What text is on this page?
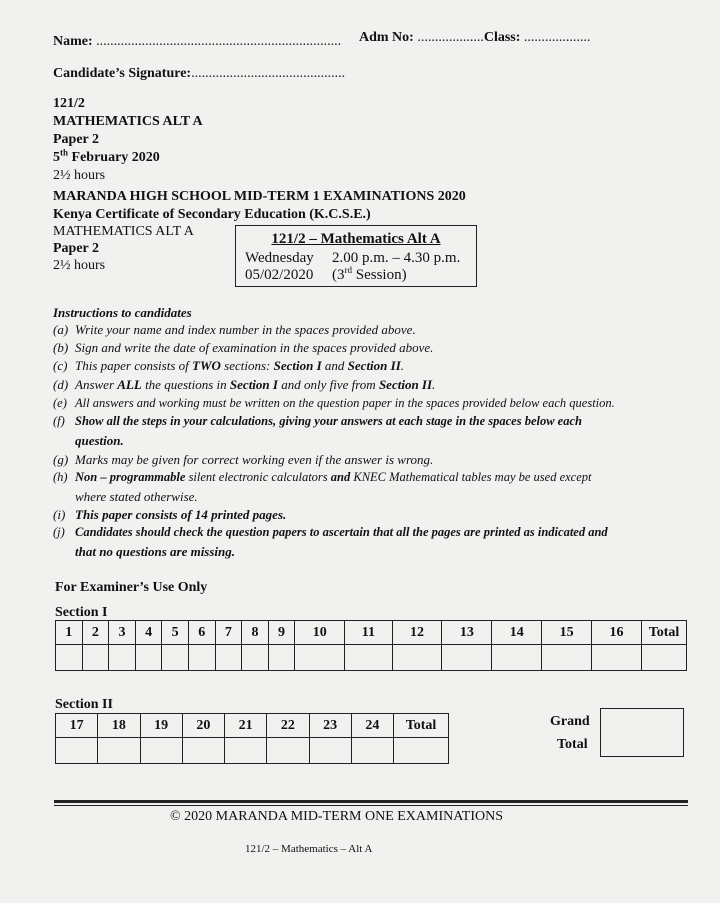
Name: ...................................................................... Adm No: ...................Class: ...................
Candidate’s Signature:............................................
121/2
MATHEMATICS ALT A
Paper 2
5th February 2020
2½ hours
MARANDA HIGH SCHOOL MID-TERM 1 EXAMINATIONS 2020
Kenya Certificate of Secondary Education (K.C.S.E.)
MATHEMATICS ALT A
Paper 2
2½ hours
121/2 – Mathematics Alt A
Wednesday 2.00 p.m. – 4.30 p.m.
05/02/2020 (3rd Session)
Instructions to candidates
(a) Write your name and index number in the spaces provided above.
(b) Sign and write the date of examination in the spaces provided above.
(c) This paper consists of TWO sections: Section I and Section II.
(d) Answer ALL the questions in Section I and only five from Section II.
(e) All answers and working must be written on the question paper in the spaces provided below each question.
(f) Show all the steps in your calculations, giving your answers at each stage in the spaces below each
question.
(g) Marks may be given for correct working even if the answer is wrong.
(h) Non – programmable silent electronic calculators and KNEC Mathematical tables may be used except
where stated otherwise.
(i) This paper consists of 14 printed pages.
(j) Candidates should check the question papers to ascertain that all the pages are printed as indicated and
that no questions are missing.
For Examiner’s Use Only
Section I
1	2	3	4	5	6	7	8	9	10	11	12	13	14	15	16	Total

Section II
17	18	19	20	21	22	23	24	Total
									Grand
Total
© 2020 MARANDA MID-TERM ONE EXAMINATIONS
121/2 – Mathematics – Alt A
